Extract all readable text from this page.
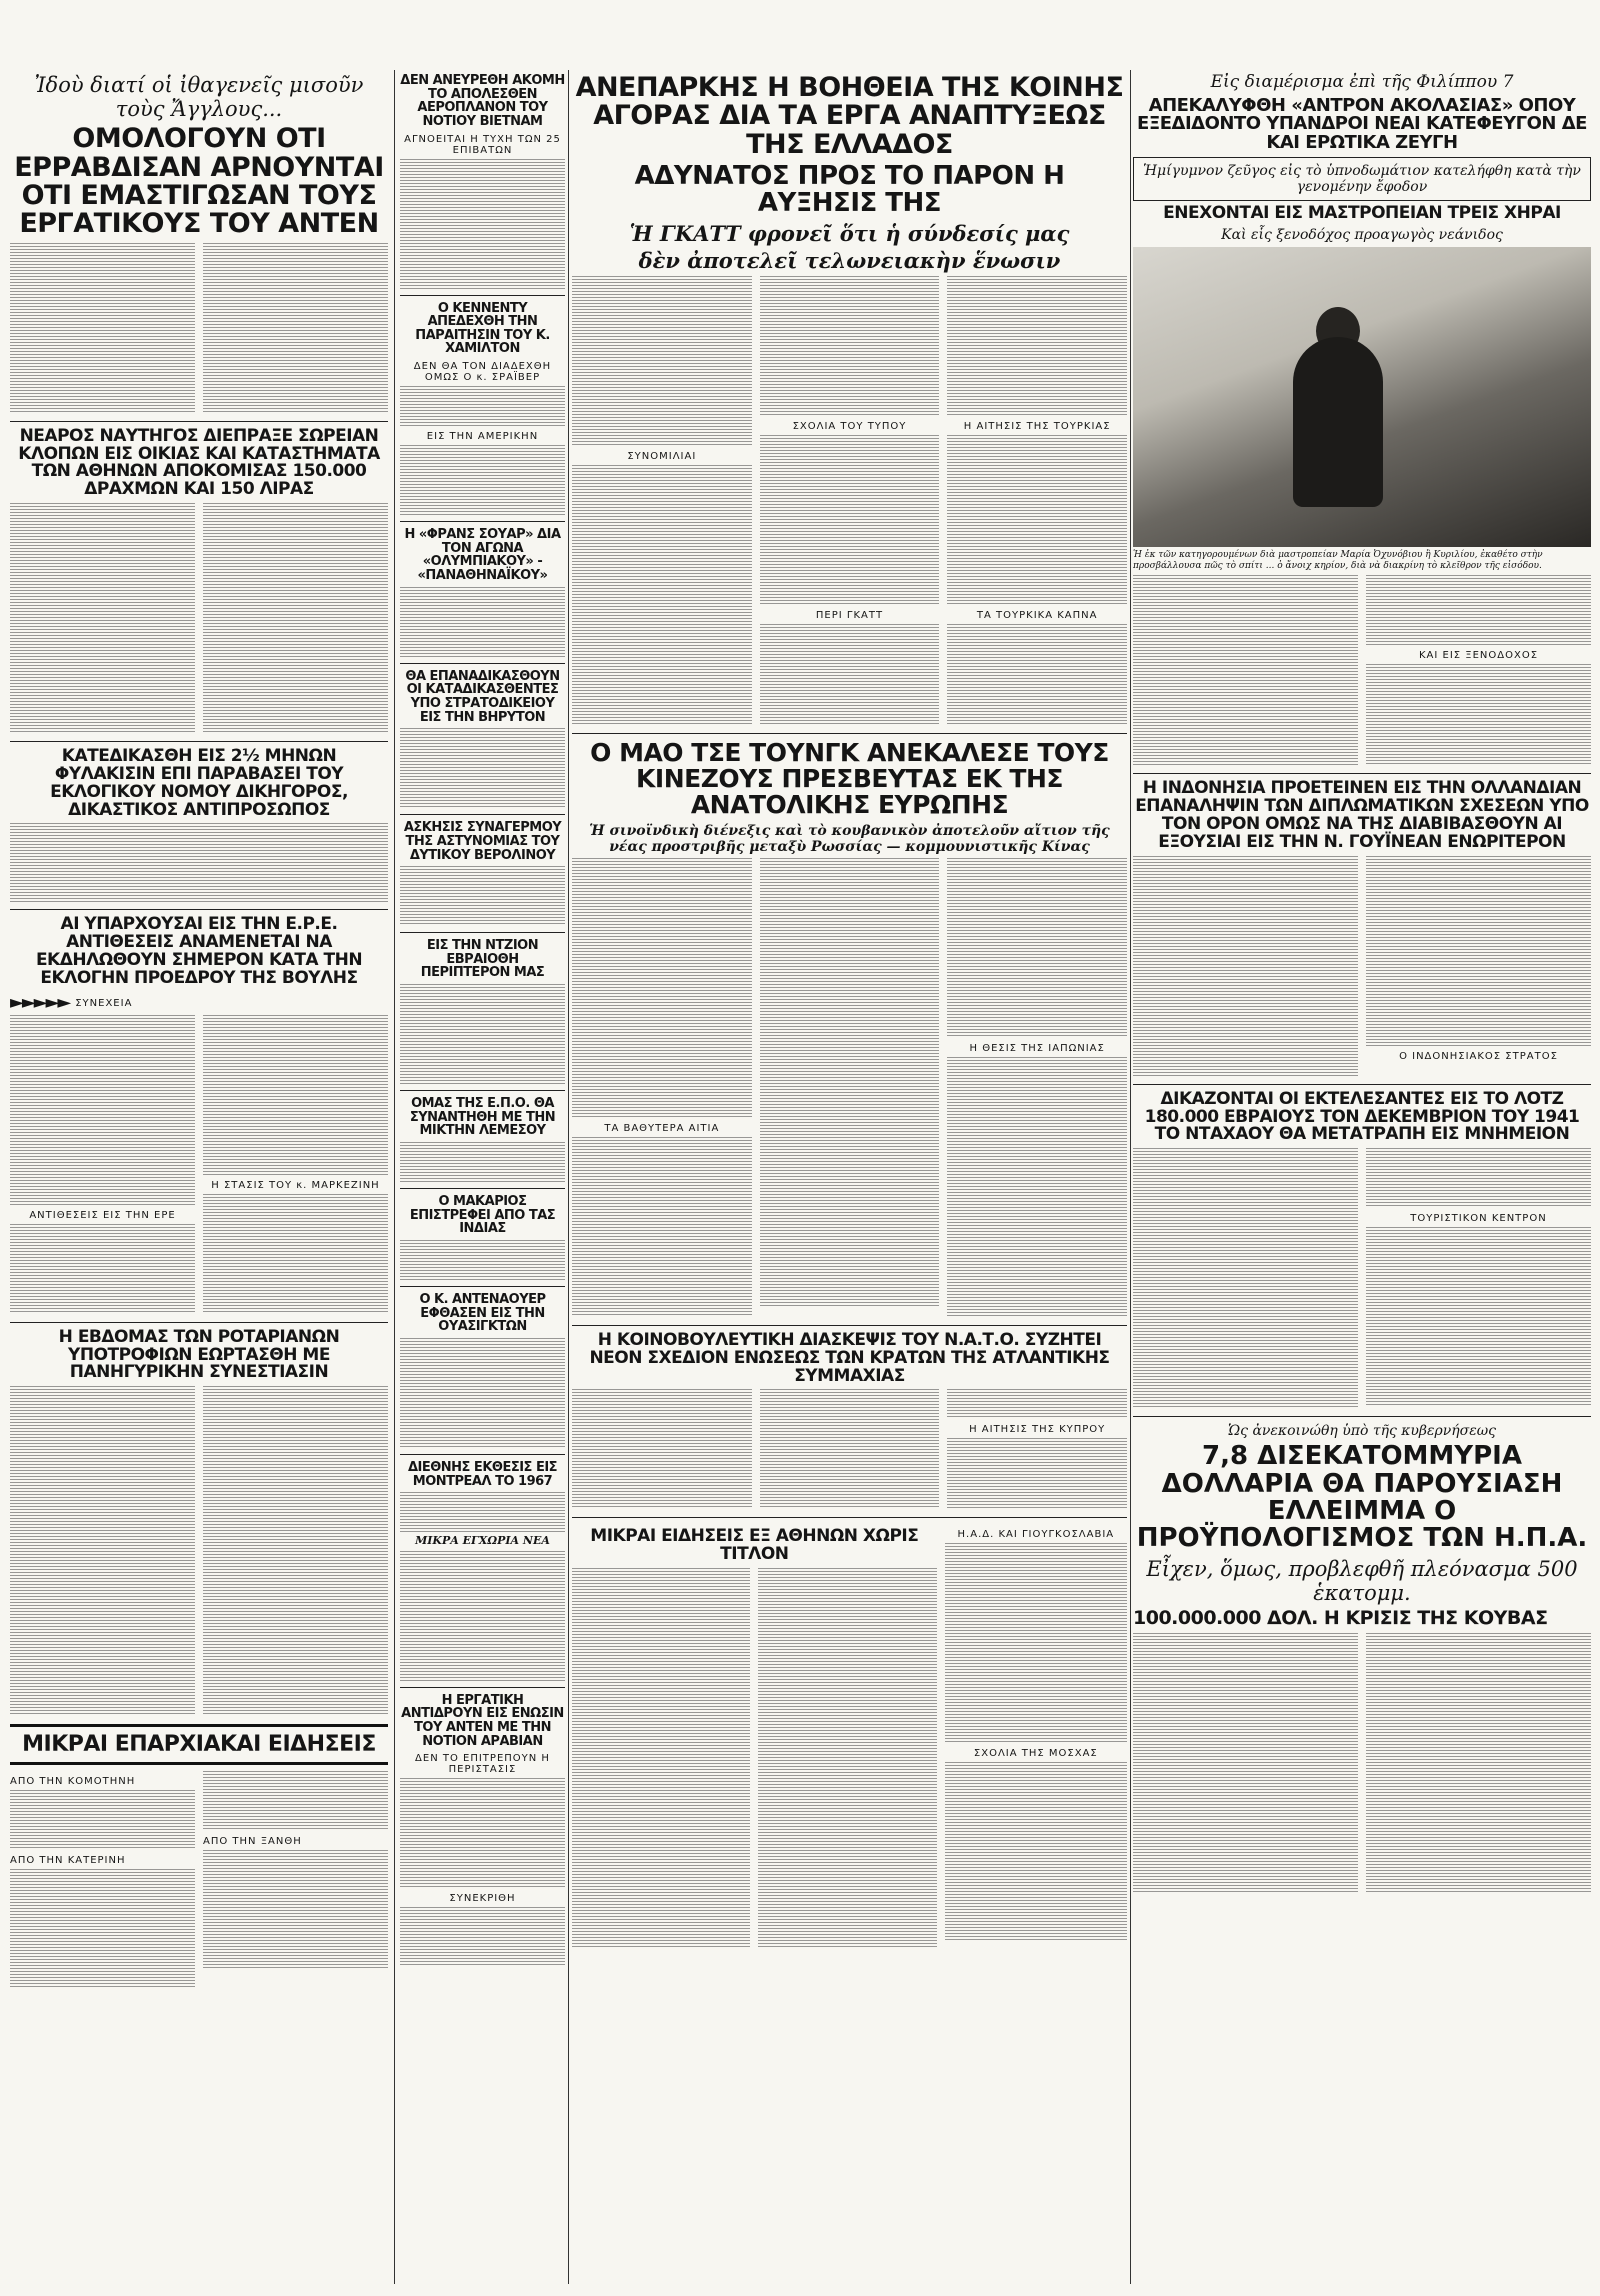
Ἰδοὺ διατί οἱ ἰθαγενεῖς μισοῦν τοὺς Ἄγγλους...
ΟΜΟΛΟΓΟΥΝ ΟΤΙ ΕΡΡΑΒΔΙΣΑΝ ΑΡΝΟΥΝΤΑΙ ΟΤΙ ΕΜΑΣΤΙΓΩΣΑΝ ΤΟΥΣ ΕΡΓΑΤΙΚΟΥΣ ΤΟΥ ΑΝΤΕΝ
ΝΕΑΡΟΣ ΝΑΥΤΗΓΟΣ ΔΙΕΠΡΑΞΕ ΣΩΡΕΙΑΝ ΚΛΟΠΩΝ ΕΙΣ ΟΙΚΙΑΣ ΚΑΙ ΚΑΤΑΣΤΗΜΑΤΑ ΤΩΝ ΑΘΗΝΩΝ ΑΠΟΚΟΜΙΣΑΣ 150.000 ΔΡΑΧΜΩΝ ΚΑΙ 150 ΛΙΡΑΣ
ΚΑΤΕΔΙΚΑΣΘΗ ΕΙΣ 2½ ΜΗΝΩΝ ΦΥΛΑΚΙΣΙΝ ΕΠΙ ΠΑΡΑΒΑΣΕΙ ΤΟΥ ΕΚΛΟΓΙΚΟΥ ΝΟΜΟΥ ΔΙΚΗΓΟΡΟΣ, ΔΙΚΑΣΤΙΚΟΣ ΑΝΤΙΠΡΟΣΩΠΟΣ
ΑΙ ΥΠΑΡΧΟΥΣΑΙ ΕΙΣ ΤΗΝ Ε.Ρ.Ε. ΑΝΤΙΘΕΣΕΙΣ ΑΝΑΜΕΝΕΤΑΙ ΝΑ ΕΚΔΗΛΩΘΟΥΝ ΣΗΜΕΡΟΝ ΚΑΤΑ ΤΗΝ ΕΚΛΟΓΗΝ ΠΡΟΕΔΡΟΥ ΤΗΣ ΒΟΥΛΗΣ
►►►►► ΣΥΝΕΧΕΙΑ
ΑΝΤΙΘΕΣΕΙΣ ΕΙΣ ΤΗΝ ΕΡΕ
Η ΣΤΑΣΙΣ ΤΟΥ κ. ΜΑΡΚΕΖΙΝΗ
Η ΕΒΔΟΜΑΣ ΤΩΝ ΡΟΤΑΡΙΑΝΩΝ ΥΠΟΤΡΟΦΙΩΝ ΕΩΡΤΑΣΘΗ ΜΕ ΠΑΝΗΓΥΡΙΚΗΝ ΣΥΝΕΣΤΙΑΣΙΝ
ΜΙΚΡΑΙ ΕΠΑΡΧΙΑΚΑΙ ΕΙΔΗΣΕΙΣ
ΑΠΟ ΤΗΝ ΚΟΜΟΤΗΝΗ
ΑΠΟ ΤΗΝ ΚΑΤΕΡΙΝΗ
ΑΠΟ ΤΗΝ ΞΑΝΘΗ
ΔΕΝ ΑΝΕΥΡΕΘΗ ΑΚΟΜΗ ΤΟ ΑΠΟΛΕΣΘΕΝ ΑΕΡΟΠΛΑΝΟΝ ΤΟΥ ΝΟΤΙΟΥ ΒΙΕΤΝΑΜ
ΑΓΝΟΕΙΤΑΙ Η ΤΥΧΗ ΤΩΝ 25 ΕΠΙΒΑΤΩΝ
Ο ΚΕΝΝΕΝΤΥ ΑΠΕΔΕΧΘΗ ΤΗΝ ΠΑΡΑΙΤΗΣΙΝ ΤΟΥ Κ. ΧΑΜΙΛΤΟΝ
ΔΕΝ ΘΑ ΤΟΝ ΔΙΑΔΕΧΘΗ ΟΜΩΣ Ο κ. ΣΡΑΪΒΕΡ
ΕΙΣ ΤΗΝ ΑΜΕΡΙΚΗΝ
Η «ΦΡΑΝΣ ΣΟΥΑΡ» ΔΙΑ ΤΟΝ ΑΓΩΝΑ «ΟΛΥΜΠΙΑΚΟΥ» - «ΠΑΝΑΘΗΝΑΪΚΟΥ»
ΘΑ ΕΠΑΝΑΔΙΚΑΣΘΟΥΝ ΟΙ ΚΑΤΑΔΙΚΑΣΘΕΝΤΕΣ ΥΠΟ ΣΤΡΑΤΟΔΙΚΕΙΟΥ ΕΙΣ ΤΗΝ ΒΗΡΥΤΟΝ
ΑΣΚΗΣΙΣ ΣΥΝΑΓΕΡΜΟΥ ΤΗΣ ΑΣΤΥΝΟΜΙΑΣ ΤΟΥ ΔΥΤΙΚΟΥ ΒΕΡΟΛΙΝΟΥ
ΕΙΣ ΤΗΝ ΝΤΖΙΟΝ ΕΒΡΑΙΟΘΗ ΠΕΡΙΠΤΕΡΟΝ ΜΑΣ
ΟΜΑΣ ΤΗΣ Ε.Π.Ο. ΘΑ ΣΥΝΑΝΤΗΘΗ ΜΕ ΤΗΝ ΜΙΚΤΗΝ ΛΕΜΕΣΟΥ
Ο ΜΑΚΑΡΙΟΣ ΕΠΙΣΤΡΕΦΕΙ ΑΠΟ ΤΑΣ ΙΝΔΙΑΣ
Ο Κ. ΑΝΤΕΝΑΟΥΕΡ ΕΦΘΑΣΕΝ ΕΙΣ ΤΗΝ ΟΥΑΣΙΓΚΤΩΝ
ΔΙΕΘΝΗΣ ΕΚΘΕΣΙΣ ΕΙΣ ΜΟΝΤΡΕΑΛ ΤΟ 1967
ΜΙΚΡΑ ΕΓΧΩΡΙΑ ΝΕΑ
Η ΕΡΓΑΤΙΚΗ ΑΝΤΙΔΡΟΥΝ ΕΙΣ ΕΝΩΣΙΝ ΤΟΥ ΑΝΤΕΝ ΜΕ ΤΗΝ ΝΟΤΙΟΝ ΑΡΑΒΙΑΝ
ΔΕΝ ΤΟ ΕΠΙΤΡΕΠΟΥΝ Η ΠΕΡΙΣΤΑΣΙΣ
ΣΥΝΕΚΡΙΘΗ
ΑΝΕΠΑΡΚΗΣ Η ΒΟΗΘΕΙΑ ΤΗΣ ΚΟΙΝΗΣ ΑΓΟΡΑΣ ΔΙΑ ΤΑ ΕΡΓΑ ΑΝΑΠΤΥΞΕΩΣ ΤΗΣ ΕΛΛΑΔΟΣ
ΑΔΥΝΑΤΟΣ ΠΡΟΣ ΤΟ ΠΑΡΟΝ Η ΑΥΞΗΣΙΣ ΤΗΣ
Ἡ ΓΚΑΤΤ φρονεῖ ὅτι ἡ σύνδεσίς μας
δὲν ἀποτελεῖ τελωνειακὴν ἕνωσιν
ΣΥΝΟΜΙΛΙΑΙ
ΣΧΟΛΙΑ ΤΟΥ ΤΥΠΟΥ
ΠΕΡΙ ΓΚΑΤΤ
Η ΑΙΤΗΣΙΣ ΤΗΣ ΤΟΥΡΚΙΑΣ
ΤΑ ΤΟΥΡΚΙΚΑ ΚΑΠΝΑ
Ο ΜΑΟ ΤΣΕ ΤΟΥΝΓΚ ΑΝΕΚΑΛΕΣΕ ΤΟΥΣ ΚΙΝΕΖΟΥΣ ΠΡΕΣΒΕΥΤΑΣ ΕΚ ΤΗΣ ΑΝΑΤΟΛΙΚΗΣ ΕΥΡΩΠΗΣ
Ἡ σινοϊνδικὴ διένεξις καὶ τὸ κουβανικὸν ἀποτελοῦν αἴτιον τῆς νέας προστριβῆς μεταξὺ Ρωσσίας — κομμουνιστικῆς Κίνας
ΤΑ ΒΑΘΥΤΕΡΑ ΑΙΤΙΑ
Η ΘΕΣΙΣ ΤΗΣ ΙΑΠΩΝΙΑΣ
Η ΚΟΙΝΟΒΟΥΛΕΥΤΙΚΗ ΔΙΑΣΚΕΨΙΣ ΤΟΥ Ν.Α.Τ.Ο. ΣΥΖΗΤΕΙ ΝΕΟΝ ΣΧΕΔΙΟΝ ΕΝΩΣΕΩΣ ΤΩΝ ΚΡΑΤΩΝ ΤΗΣ ΑΤΛΑΝΤΙΚΗΣ ΣΥΜΜΑΧΙΑΣ
Η ΑΙΤΗΣΙΣ ΤΗΣ ΚΥΠΡΟΥ
ΜΙΚΡΑΙ ΕΙΔΗΣΕΙΣ ΕΞ ΑΘΗΝΩΝ ΧΩΡΙΣ ΤΙΤΛΟΝ
Η.Α.Δ. ΚΑΙ ΓΙΟΥΓΚΟΣΛΑΒΙΑ
ΣΧΟΛΙΑ ΤΗΣ ΜΟΣΧΑΣ
Εἰς διαμέρισμα ἐπὶ τῆς Φιλίππου 7
ΑΠΕΚΑΛΥΦΘΗ «ΑΝΤΡΟΝ ΑΚΟΛΑΣΙΑΣ» ΟΠΟΥ ΕΞΕΔΙΔΟΝΤΟ ΥΠΑΝΔΡΟΙ ΝΕΑΙ ΚΑΤΕΦΕΥΓΟΝ ΔΕ ΚΑΙ ΕΡΩΤΙΚΑ ΖΕΥΓΗ
Ἡμίγυμνον ζεῦγος εἰς τὸ ὑπνοδωμάτιον κατελήφθη κατὰ τὴν γενομένην ἔφοδον
ΕΝΕΧΟΝΤΑΙ ΕΙΣ ΜΑΣΤΡΟΠΕΙΑΝ ΤΡΕΙΣ ΧΗΡΑΙ
Καὶ εἷς ξενοδόχος προαγωγὸς νεάνιδος
Ἡ ἐκ τῶν κατηγορουμένων διὰ μαστροπείαν Μαρία Ὀχυνόβιου ἢ Κυριλίου, ἐκαθέτο στὴν προσβάλλουσα πῶς τὸ σπίτι ... ὁ ἄνοιχ κηρίον, διὰ νὰ διακρίνη τὸ κλεῖθρον τῆς εἰσόδου.
ΚΑΙ ΕΙΣ ΞΕΝΟΔΟΧΟΣ
Η ΙΝΔΟΝΗΣΙΑ ΠΡΟΕΤΕΙΝΕΝ ΕΙΣ ΤΗΝ ΟΛΛΑΝΔΙΑΝ ΕΠΑΝΑΛΗΨΙΝ ΤΩΝ ΔΙΠΛΩΜΑΤΙΚΩΝ ΣΧΕΣΕΩΝ ΥΠΟ ΤΟΝ ΟΡΟΝ ΟΜΩΣ ΝΑ ΤΗΣ ΔΙΑΒΙΒΑΣΘΟΥΝ ΑΙ ΕΞΟΥΣΙΑΙ ΕΙΣ ΤΗΝ Ν. ΓΟΥΪΝΕΑΝ ΕΝΩΡΙΤΕΡΟΝ
Ο ΙΝΔΟΝΗΣΙΑΚΟΣ ΣΤΡΑΤΟΣ
ΔΙΚΑΖΟΝΤΑΙ ΟΙ ΕΚΤΕΛΕΣΑΝΤΕΣ ΕΙΣ ΤΟ ΛΟΤΖ 180.000 ΕΒΡΑΙΟΥΣ ΤΟΝ ΔΕΚΕΜΒΡΙΟΝ ΤΟΥ 1941 ΤΟ ΝΤΑΧΑΟΥ ΘΑ ΜΕΤΑΤΡΑΠΗ ΕΙΣ ΜΝΗΜΕΙΟΝ
ΤΟΥΡΙΣΤΙΚΟΝ ΚΕΝΤΡΟΝ
Ὡς ἀνεκοινώθη ὑπὸ τῆς κυβερνήσεως
7,8 ΔΙΣΕΚΑΤΟΜΜΥΡΙΑ ΔΟΛΛΑΡΙΑ ΘΑ ΠΑΡΟΥΣΙΑΣΗ ΕΛΛΕΙΜΜΑ Ο ΠΡΟΫΠΟΛΟΓΙΣΜΟΣ ΤΩΝ Η.Π.Α.
Εἶχεν, ὅμως, προβλεφθῆ πλεόνασμα 500 ἑκατομμ.
100.000.000 ΔΟΛ. Η ΚΡΙΣΙΣ ΤΗΣ ΚΟΥΒΑΣ
